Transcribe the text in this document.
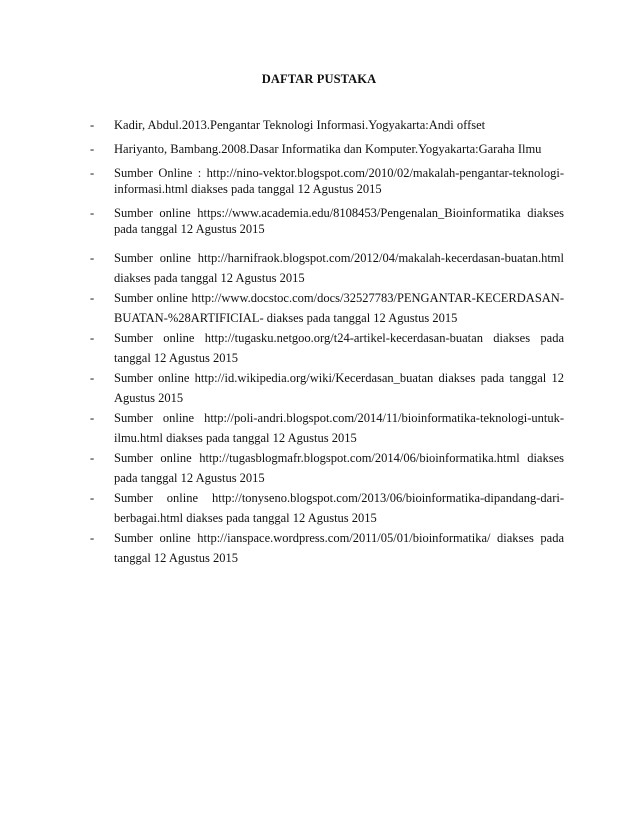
DAFTAR PUSTAKA
- Kadir, Abdul.2013.Pengantar Teknologi Informasi.Yogyakarta:Andi offset
- Hariyanto, Bambang.2008.Dasar Informatika dan Komputer.Yogyakarta:Garaha Ilmu
- Sumber Online : http://nino-vektor.blogspot.com/2010/02/makalah-pengantar-teknologi-informasi.html diakses pada tanggal 12 Agustus 2015
- Sumber online https://www.academia.edu/8108453/Pengenalan_Bioinformatika diakses pada tanggal 12 Agustus 2015
- Sumber online http://harnifraok.blogspot.com/2012/04/makalah-kecerdasan-buatan.html diakses pada tanggal 12 Agustus 2015
- Sumber online http://www.docstoc.com/docs/32527783/PENGANTAR-KECERDASAN-BUATAN-%28ARTIFICIAL- diakses pada tanggal 12 Agustus 2015
- Sumber online http://tugasku.netgoo.org/t24-artikel-kecerdasan-buatan diakses pada tanggal 12 Agustus 2015
- Sumber online http://id.wikipedia.org/wiki/Kecerdasan_buatan diakses pada tanggal 12 Agustus 2015
- Sumber online http://poli-andri.blogspot.com/2014/11/bioinformatika-teknologi-untuk-ilmu.html diakses pada tanggal 12 Agustus 2015
- Sumber online http://tugasblogmafr.blogspot.com/2014/06/bioinformatika.html diakses pada tanggal 12 Agustus 2015
- Sumber online http://tonyseno.blogspot.com/2013/06/bioinformatika-dipandang-dari-berbagai.html diakses pada tanggal 12 Agustus 2015
- Sumber online http://ianspace.wordpress.com/2011/05/01/bioinformatika/ diakses pada tanggal 12 Agustus 2015
